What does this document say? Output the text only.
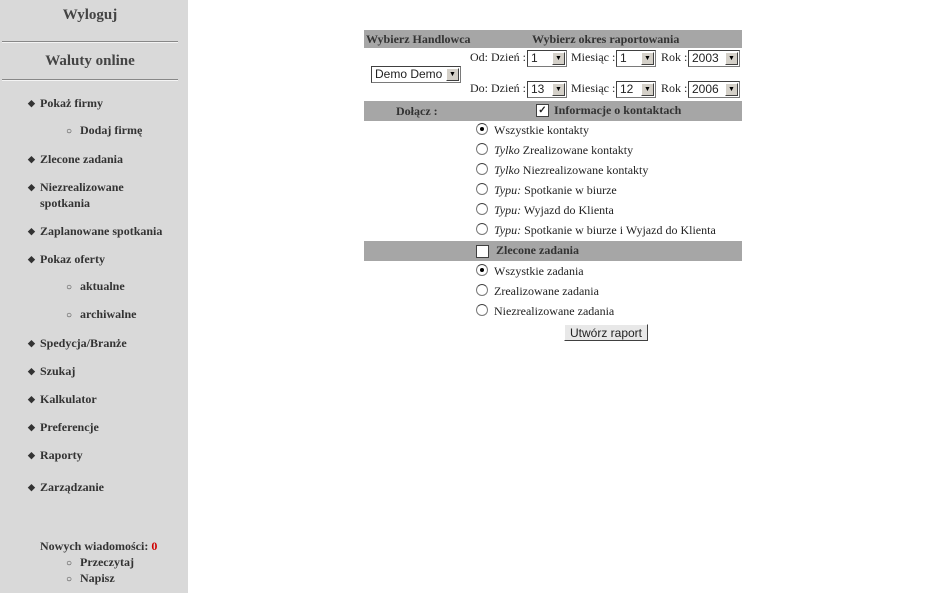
Wyloguj
Waluty online
◆ Pokaż firmy
○ Dodaj firmę
◆ Zlecone zadania
◆ Niezrealizowane spotkania
◆ Zaplanowane spotkania
◆ Pokaz oferty
○ aktualne
○ archiwalne
◆ Spedycja/Branże
◆ Szukaj
◆ Kalkulator
◆ Preferencje
◆ Raporty
◆ Zarządzanie
Nowych wiadomości: 0
○ Przeczytaj
○ Napisz
Wybierz Handlowca	Wybierz okres raportowania
Demo Demo ▼
Od: Dzień : 1	▼ Miesiąc : 1	▼ Rok : 2003	▼
Do: Dzień : 13	▼ Miesiąc : 12	▼ Rok : 2006	▼
Dołącz :	✓ Informacje o kontaktach
Wszystkie kontakty
Tylko Zrealizowane kontakty
Tylko Niezrealizowane kontakty
Typu: Spotkanie w biurze
Typu: Wyjazd do Klienta
Typu: Spotkanie w biurze i Wyjazd do Klienta
Zlecone zadania
Wszystkie zadania
Zrealizowane zadania
Niezrealizowane zadania
Utwórz raport
